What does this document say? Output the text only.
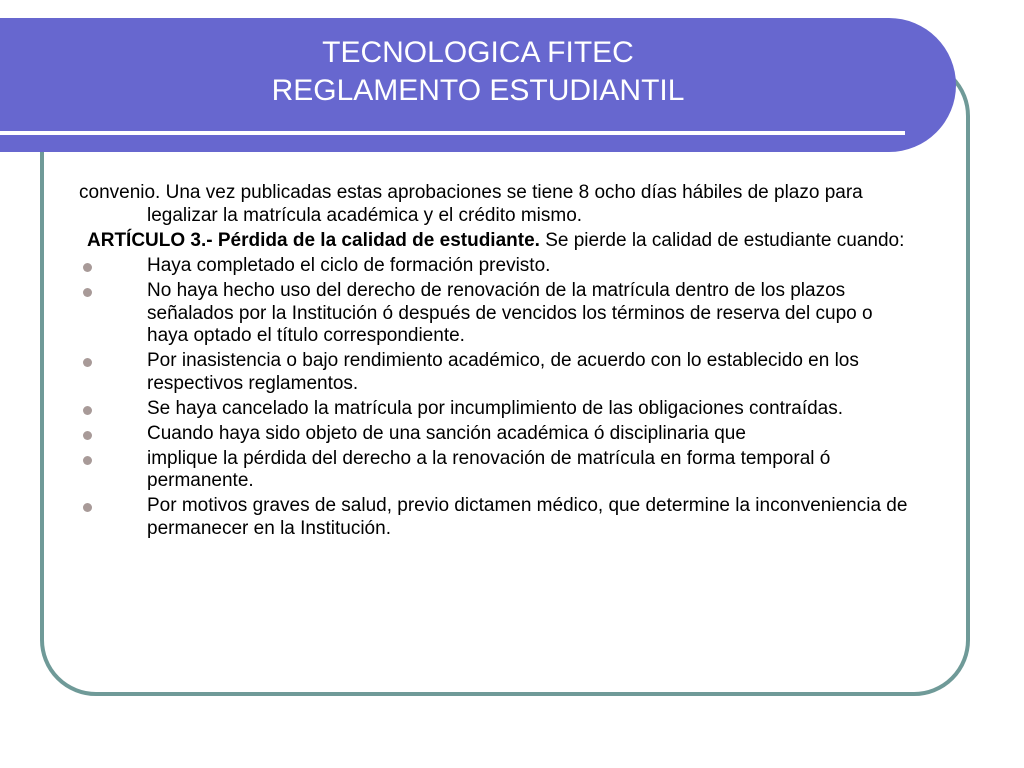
TECNOLOGICA FITEC
REGLAMENTO ESTUDIANTIL
convenio. Una vez publicadas estas aprobaciones se tiene 8 ocho días hábiles de plazo para legalizar la matrícula académica y el crédito mismo.
ARTÍCULO 3.- Pérdida de la calidad de estudiante. Se pierde la calidad de estudiante cuando:
Haya completado el ciclo de formación previsto.
No haya hecho uso del derecho de renovación de la matrícula dentro de los plazos señalados por la Institución ó después de vencidos los términos de reserva del cupo o haya optado el título correspondiente.
Por inasistencia o bajo rendimiento académico, de acuerdo con lo establecido en los respectivos reglamentos.
Se haya cancelado la matrícula por incumplimiento de las obligaciones contraídas.
Cuando haya sido objeto de una sanción académica ó disciplinaria que
implique la pérdida del derecho a la renovación de matrícula en forma temporal ó permanente.
Por motivos graves de salud, previo dictamen médico, que determine la inconveniencia de permanecer en la Institución.
